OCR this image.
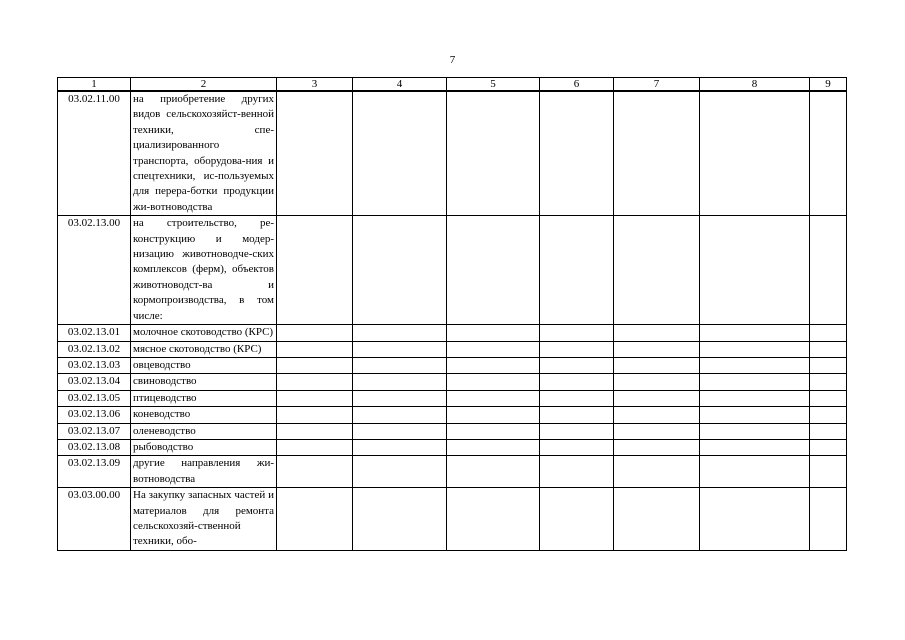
7
1	2	3	4	5	6	7	8	9
03.02.11.00	на приобретение других видов сельскохозяйст-венной техники, спе-циализированного транспорта, оборудова-ния и спецтехники, ис-пользуемых для перера-ботки продукции жи-вотноводства							
03.02.13.00	на строительство, ре-конструкцию и модер-низацию животноводче-ских комплексов (ферм), объектов животноводст-ва и кормопроизводства, в том числе:							
03.02.13.01	молочное скотоводство (КРС)							
03.02.13.02	мясное скотоводство (КРС)							
03.02.13.03	овцеводство							
03.02.13.04	свиноводство							
03.02.13.05	птицеводство							
03.02.13.06	коневодство							
03.02.13.07	оленеводство							
03.02.13.08	рыбоводство							
03.02.13.09	другие направления жи-вотноводства							
03.03.00.00	На закупку запасных частей и материалов для ремонта сельскохозяй-ственной техники, обо-							
